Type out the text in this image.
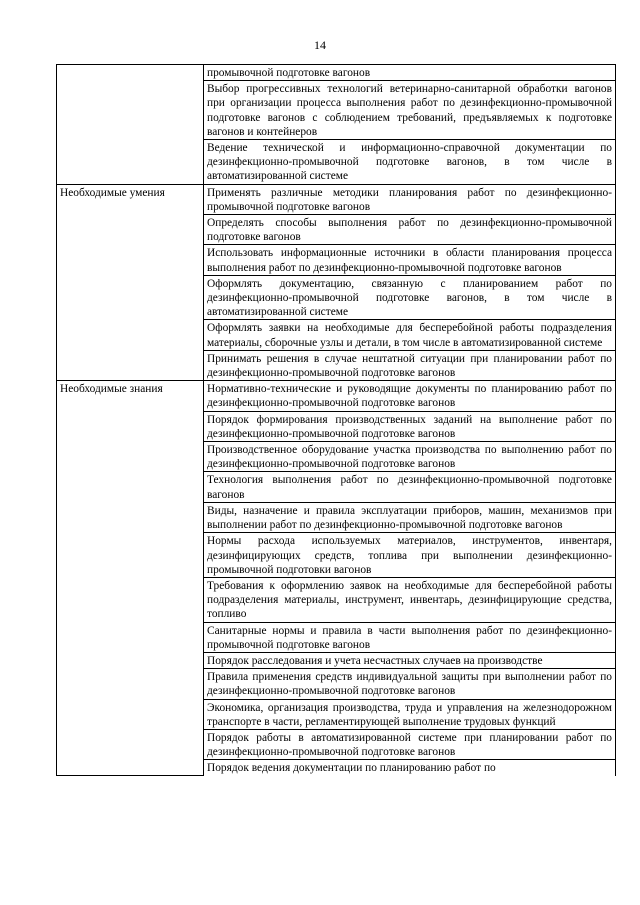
14
	промывочной подготовке вагонов
	Выбор прогрессивных технологий ветеринарно-санитарной обработки вагонов при организации процесса выполнения работ по дезинфекционно-промывочной подготовке вагонов с соблюдением требований, предъявляемых к подготовке вагонов и контейнеров
	Ведение технической и информационно-справочной документации по дезинфекционно-промывочной подготовке вагонов, в том числе в автоматизированной системе
Необходимые умения	Применять различные методики планирования работ по дезинфекционно-промывочной подготовке вагонов
	Определять способы выполнения работ по дезинфекционно-промывочной подготовке вагонов
	Использовать информационные источники в области планирования процесса выполнения работ по дезинфекционно-промывочной подготовке вагонов
	Оформлять документацию, связанную с планированием работ по дезинфекционно-промывочной подготовке вагонов, в том числе в автоматизированной системе
	Оформлять заявки на необходимые для бесперебойной работы подразделения материалы, сборочные узлы и детали, в том числе в автоматизированной системе
	Принимать решения в случае нештатной ситуации при планировании работ по дезинфекционно-промывочной подготовке вагонов
Необходимые знания	Нормативно-технические и руководящие документы по планированию работ по дезинфекционно-промывочной подготовке вагонов
	Порядок формирования производственных заданий на выполнение работ по дезинфекционно-промывочной подготовке вагонов
	Производственное оборудование участка производства по выполнению работ по дезинфекционно-промывочной подготовке вагонов
	Технология выполнения работ по дезинфекционно-промывочной подготовке вагонов
	Виды, назначение и правила эксплуатации приборов, машин, механизмов при выполнении работ по дезинфекционно-промывочной подготовке вагонов
	Нормы расхода используемых материалов, инструментов, инвентаря, дезинфицирующих средств, топлива при выполнении дезинфекционно-промывочной подготовки вагонов
	Требования к оформлению заявок на необходимые для бесперебойной работы подразделения материалы, инструмент, инвентарь, дезинфицирующие средства, топливо
	Санитарные нормы и правила в части выполнения работ по дезинфекционно-промывочной подготовке вагонов
	Порядок расследования и учета несчастных случаев на производстве
	Правила применения средств индивидуальной защиты при выполнении работ по дезинфекционно-промывочной подготовке вагонов
	Экономика, организация производства, труда и управления на железнодорожном транспорте в части, регламентирующей выполнение трудовых функций
	Порядок работы в автоматизированной системе при планировании работ по дезинфекционно-промывочной подготовке вагонов
	Порядок ведения документации по планированию работ по
